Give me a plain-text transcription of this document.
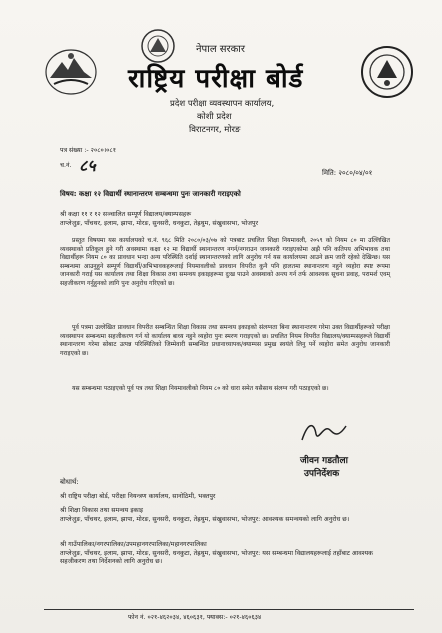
नेपाल सरकार
राष्ट्रिय परीक्षा बोर्ड
प्रदेश परीक्षा व्यवस्थापन कार्यालय,
कोशी प्रदेश
विराटनगर, मोरङ
पत्र संख्या :- २०८०।०८१
च.नं. ८५	मिति: २०८०/०४/०१
विषय: कक्षा १२ विद्यार्थी स्थानान्तरण सम्बन्धमा पुनः जानकारी गराइएको
श्री कक्षा ११ र १२ सञ्चालित सम्पूर्ण विद्यालय/क्याम्पसहरू
ताप्लेजुङ, पाँचथर, इलाम, झापा, मोरङ, सुनसरी, धनकुटा, तेह्रथुम, संखुवासभा, भोजपुर
प्रस्तुत विषयमा यस कार्यालयको च.नं. ९६८ मिति २०८०/०३/०७ को पत्रबाट प्रचलित शिक्षा नियमावली, २०५९ को नियम ८० मा उल्लिखित व्यवस्थाको प्रतिकूल हुने गरी अवस्थामा कक्षा १२ मा विद्यार्थी स्थानान्तरण नगर्न/नगराउन जानकारी गराइएकोमा अझै पनि कतिपय अभिभावक तथा विद्यार्थीहरू नियम ८० का प्रावधान भन्दा अन्य परिस्थिति दर्शाई स्थानान्तरणको लागि अनुरोध गर्न यस कार्यालयमा आउने क्रम जारी रहेको देखिन्छ। यस सम्बन्धमा आउनुहुने सम्पूर्ण विद्यार्थी/अभिभावकहरूलाई नियमावलीको प्रावधान विपरीत कुनै पनि हालतमा स्थानान्तरण नहुने व्यहोरा स्पष्ट रूपमा जानकारी गराई यस कार्यालय तथा शिक्षा विकास तथा समन्वय इकाइहरूमा दुःख पाउने अवस्थाको अन्त्य गर्न तर्फ आवश्यक सूचना प्रवाह, परामर्श एवम् सहजीकरण गर्नुहुनको लागि पुनः अनुरोध गरिएको छ।
पूर्व पत्रमा उल्लेखित प्रावधान विपरीत सम्बन्धित शिक्षा विकास तथा समन्वय इकाइको संलग्नता बिना स्थानान्तरण गरेमा उक्त विद्यार्थीहरूको परीक्षा व्यवस्थापन सम्बन्धमा सहजीकरण गर्न यो कार्यालय बाध्य नहुने व्यहोरा पुनः स्मरण गराइएको छ। प्रचलित नियम विपरीत विद्यालय/क्याम्पसहरूले विद्यार्थी स्थानान्तरण गरेमा सोबाट उत्पन्न परिस्थितिको जिम्मेवारी सम्बन्धित प्रधानाध्यापक/क्याम्पस प्रमुख स्वयंले लिनु पर्ने व्यहोरा समेत अनुरोध जानकारी गराइएको छ।
यस सम्बन्धमा पठाइएको पूर्व पत्र तथा शिक्षा नियमावलीको नियम ८० को धारा समेत यसैसाथ संलग्न गरी पठाइएको छ।
जीवन गडतौला
उपनिर्देशक
बोधार्थ:
श्री राष्ट्रिय परीक्षा बोर्ड, परीक्षा नियन्त्रण कार्यालय, सानोठिमी, भक्तपुर
श्री शिक्षा विकास तथा समन्वय इकाइ
ताप्लेजुङ, पाँचथर, इलाम, झापा, मोरङ, सुनसरी, धनकुटा, तेह्रथुम, संखुवासभा, भोजपुर: आवश्यक समन्वयको लागि अनुरोध छ।
श्री गाउँपालिका/नगरपालिका/उपमहानगरपालिका/महानगरपालिका
ताप्लेजुङ, पाँचथर, इलाम, झापा, मोरङ, सुनसरी, धनकुटा, तेह्रथुम, संखुवासभा, भोजपुर: यस सम्बन्धमा विद्यालयहरूलाई तहाँबाट आवश्यक सहजीकरण तथा निर्देशनको लागि अनुरोध छ।
फोन नं. ०२१-४६२०३४, ४६०६३१, फ्याक्स:- ०२१-४६०६३४
